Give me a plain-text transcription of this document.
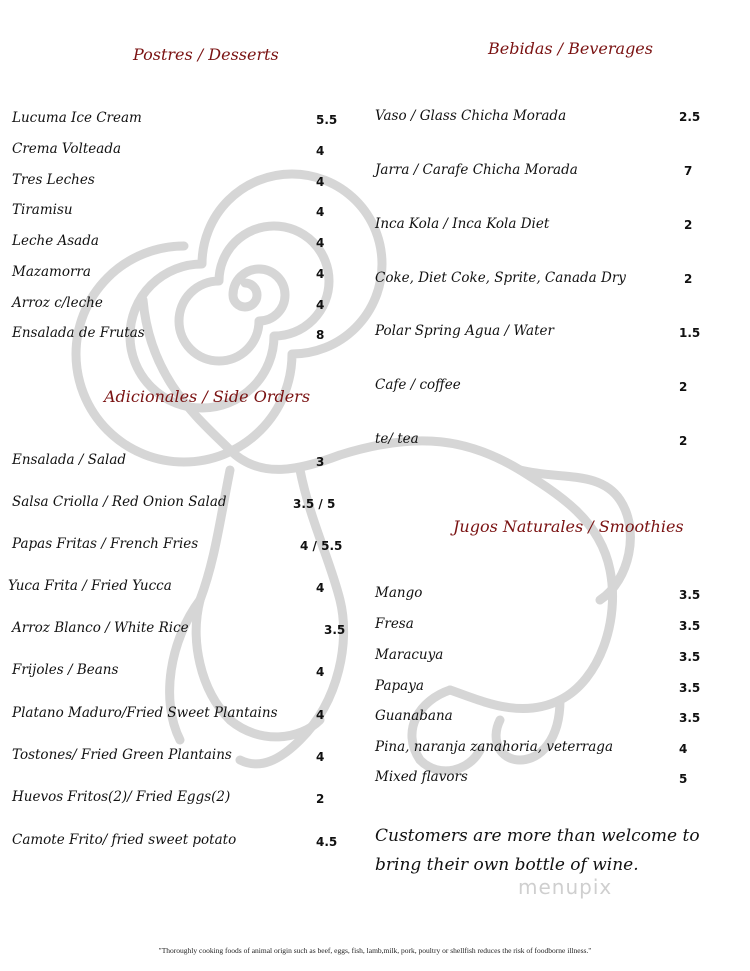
Postres / Desserts
Lucuma Ice Cream	5.5
Crema Volteada	4
Tres Leches	4
Tiramisu	4
Leche Asada	4
Mazamorra	4
Arroz c/leche	4
Ensalada de Frutas	8
Adicionales / Side Orders
Ensalada / Salad	3
Salsa Criolla / Red Onion Salad	3.5 / 5
Papas Fritas / French Fries	4 / 5.5
Yuca Frita / Fried Yucca	4
Arroz Blanco / White Rice	3.5
Frijoles / Beans	4
Platano Maduro/Fried Sweet Plantains	4
Tostones/ Fried Green Plantains	4
Huevos Fritos(2)/ Fried Eggs(2)	2
Camote Frito/ fried sweet potato	4.5
Bebidas / Beverages
Vaso / Glass Chicha Morada	2.5
Jarra / Carafe Chicha Morada	7
Inca Kola / Inca Kola Diet	2
Coke, Diet Coke, Sprite, Canada Dry	2
Polar Spring Agua / Water	1.5
Cafe / coffee	2
te/ tea	2
Jugos Naturales / Smoothies
Mango	3.5
Fresa	3.5
Maracuya	3.5
Papaya	3.5
Guanabana	3.5
Pina, naranja zanahoria, veterraga	4
Mixed flavors	5
Customers are more than welcome to bring their own bottle of wine.
menupix
"Thoroughly cooking foods of animal origin such as beef, eggs, fish, lamb,milk, pork, poultry or shellfish reduces the risk of foodborne illness."
